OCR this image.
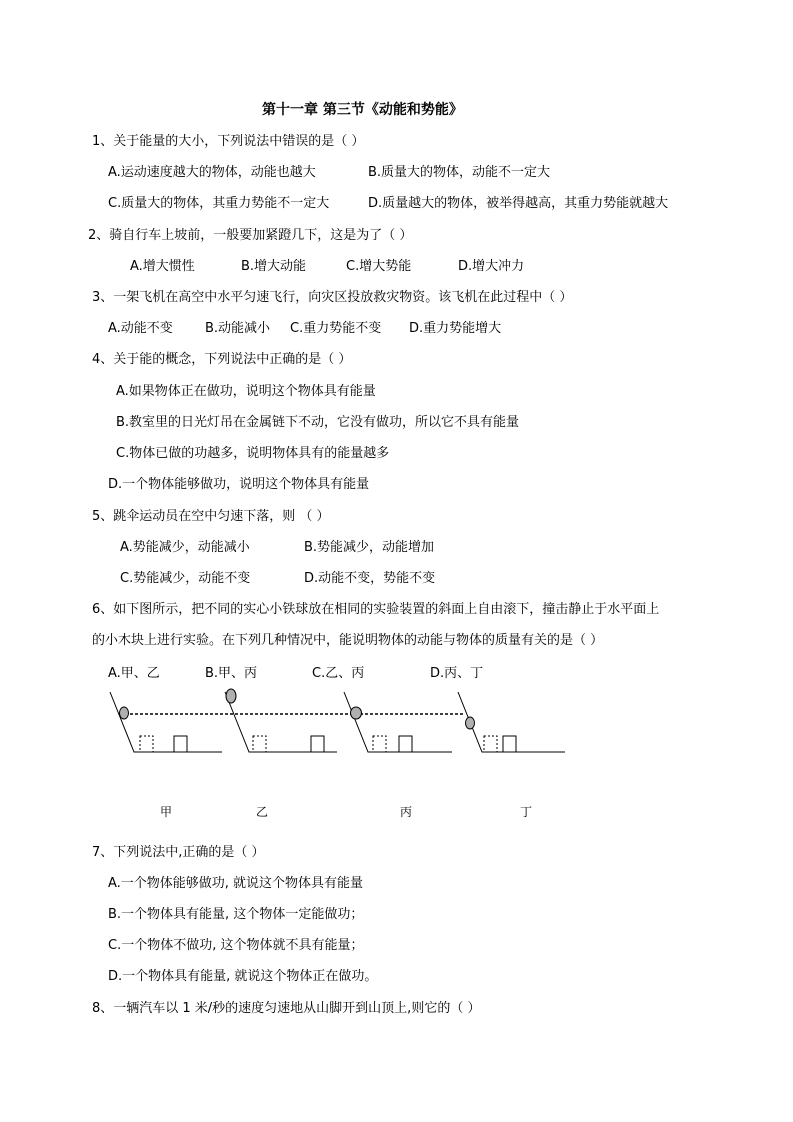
第十一章 第三节《动能和势能》
1、关于能量的大小，下列说法中错误的是（ ）
A.运动速度越大的物体，动能也越大	B.质量大的物体，动能不一定大
C.质量大的物体，其重力势能不一定大	D.质量越大的物体，被举得越高，其重力势能就越大
2、骑自行车上坡前，一般要加紧蹬几下，这是为了（ ）
A.增大惯性	B.增大动能	C.增大势能	D.增大冲力
3、一架飞机在高空中水平匀速飞行，向灾区投放救灾物资。该飞机在此过程中（ ）
A.动能不变 B.动能减小 C.重力势能不变 D.重力势能增大
4、关于能的概念，下列说法中正确的是（ ）
A.如果物体正在做功，说明这个物体具有能量
B.教室里的日光灯吊在金属链下不动，它没有做功，所以它不具有能量
C.物体已做的功越多，说明物体具有的能量越多
D.一个物体能够做功，说明这个物体具有能量
5、跳伞运动员在空中匀速下落，则 （ ）
A.势能减少，动能减小	B.势能减少，动能增加
C.势能减少，动能不变	D.动能不变，势能不变
6、如下图所示，把不同的实心小铁球放在相同的实验装置的斜面上自由滚下，撞击静止于水平面上
的小木块上进行实验。在下列几种情况中，能说明物体的动能与物体的质量有关的是（ ）
A.甲、乙	B.甲、丙	C.乙、丙	D.丙、丁
甲	乙	丙	丁
7、下列说法中,正确的是（ ）
A.一个物体能够做功, 就说这个物体具有能量
B.一个物体具有能量, 这个物体一定能做功；
C.一个物体不做功, 这个物体就不具有能量；
D.一个物体具有能量, 就说这个物体正在做功。
8、一辆汽车以 1 米/秒的速度匀速地从山脚开到山顶上,则它的（ ）
